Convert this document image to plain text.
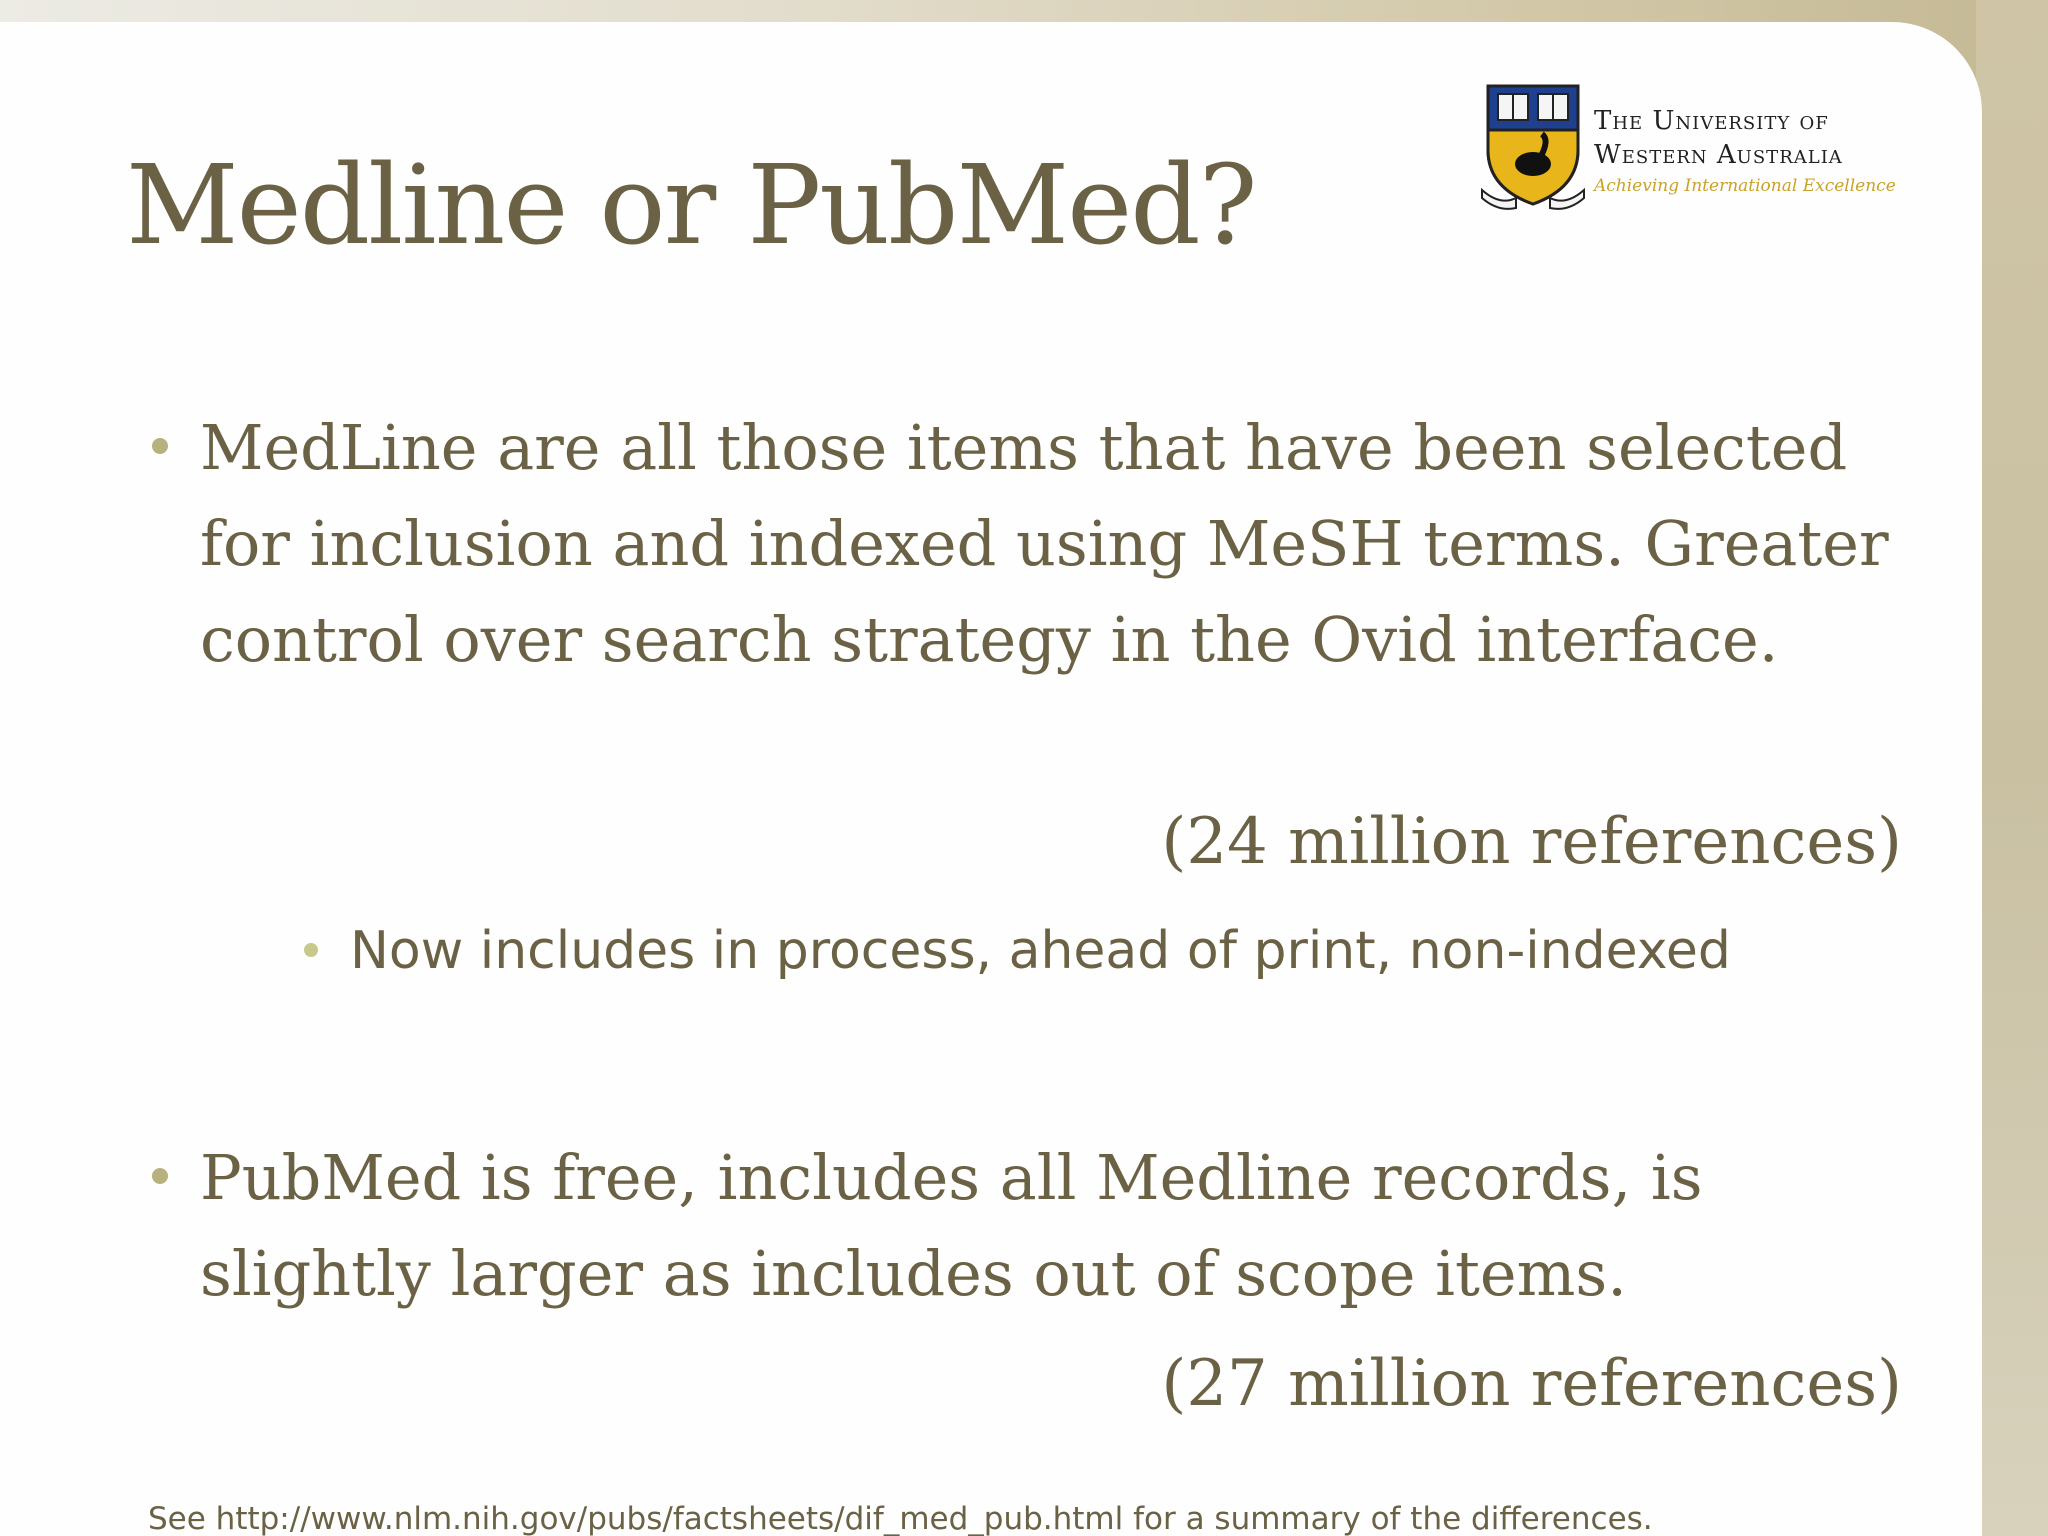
Medline or PubMed?
The University of
Western Australia
Achieving International Excellence
MedLine are all those items that have been selected for inclusion and indexed using MeSH terms. Greater control over search strategy in the Ovid interface.
(24 million references)
Now includes in process, ahead of print, non-indexed
PubMed is free, includes all Medline records, is slightly larger as includes out of scope items.
(27 million references)
See http://www.nlm.nih.gov/pubs/factsheets/dif_med_pub.html for a summary of the differences.
